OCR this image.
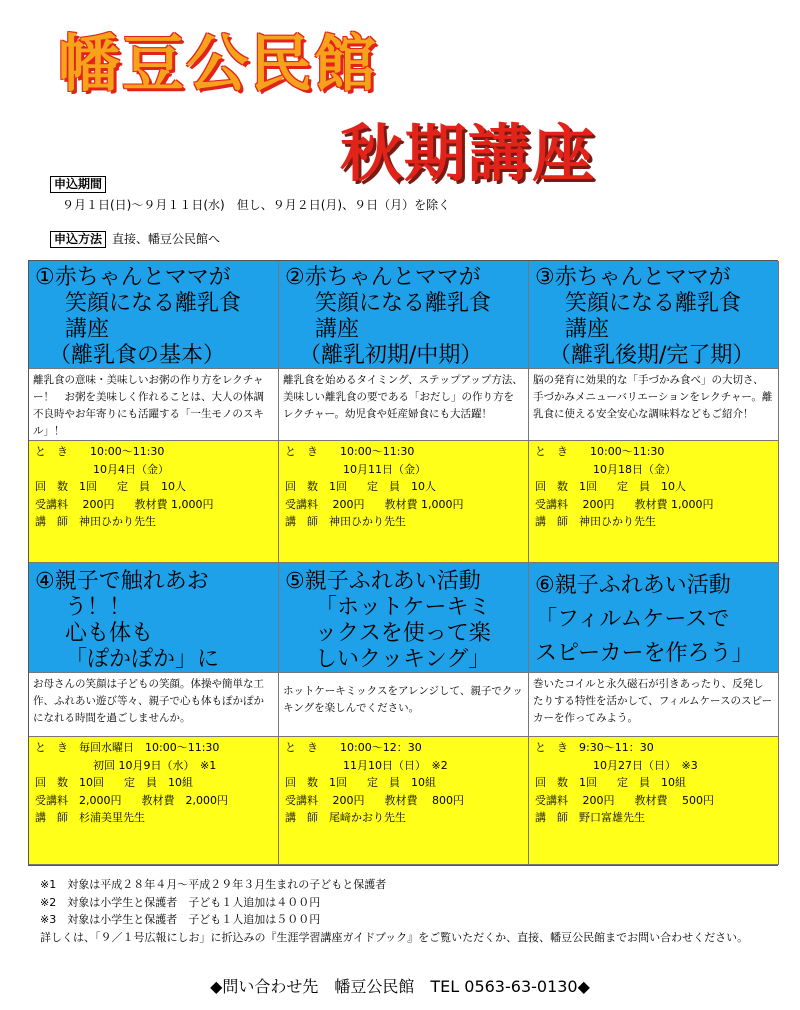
幡豆公民館
秋期講座
申込期間
９月１日(日)～９月１１日(水)　但し、９月２日(月)、９日（月）を除く
申込方法 直接、幡豆公民館へ
①赤ちゃんとママが
笑顔になる離乳食
講座
（離乳食の基本）
離乳食の意味・美味しいお粥の作り方をレクチャー！　お粥を美味しく作れることは、大人の体調不良時やお年寄りにも活躍する「一生モノのスキル」！
と　き　　10:00～11:30
10月4日（金）
回　数　1回 定　員　10人
受講料　 200円 教材費 1,000円
講　師　神田ひかり先生
②赤ちゃんとママが
笑顔になる離乳食
講座
（離乳初期/中期）
離乳食を始めるタイミング、ステップアップ方法、美味しい離乳食の要である「おだし」の作り方をレクチャー。幼児食や妊産婦食にも大活躍！
と　き　　10:00～11:30
10月11日（金）
回　数　1回 定　員　10人
受講料　 200円 教材費 1,000円
講　師　神田ひかり先生
③赤ちゃんとママが
笑顔になる離乳食
講座
（離乳後期/完了期）
脳の発育に効果的な「手づかみ食べ」の大切さ、手づかみメニューバリエーションをレクチャー。離乳食に使える安全安心な調味料などもご紹介！
と　き　　10:00～11:30
10月18日（金）
回　数　1回 定　員　10人
受講料　 200円 教材費 1,000円
講　師　神田ひかり先生
④親子で触れあお
う！！
心も体も
「ぽかぽか」に
お母さんの笑顔は子どもの笑顔。体操や簡単な工作、ふれあい遊び等々、親子で心も体もぽかぽかになれる時間を過ごしませんか。
と　き　毎回水曜日　10:00～11:30
初回 10月9日（水）　※1
回　数　10回 定　員　10組
受講料　2,000円 教材費　2,000円
講　師　杉浦美里先生
⑤親子ふれあい活動
「ホットケーキミ
ックスを使って楽
しいクッキング」
ホットケーキミックスをアレンジして、親子でクッキングを楽しんでください。
と　き　　10:00～12：30
11月10日（日）　※2
回　数　1回 定　員　10組
受講料　 200円 教材費　 800円
講　師　尾﨑かおり先生
⑥親子ふれあい活動
「フィルムケースで
スピーカーを作ろう」
巻いたコイルと永久磁石が引きあったり、反発したりする特性を活かして、フィルムケースのスピーカーを作ってみよう。
と　き　9:30～11：30
10月27日（日）　※3
回　数　1回 定　員　10組
受講料　 200円 教材費　 500円
講　師　野口富雄先生
※1　対象は平成２８年４月～平成２９年３月生まれの子どもと保護者
※2　対象は小学生と保護者　子ども１人追加は４００円
※3　対象は小学生と保護者　子ども１人追加は５００円
詳しくは、「９／１号広報にしお」に折込みの『生涯学習講座ガイドブック』をご覧いただくか、直接、幡豆公民館までお問い合わせください。
◆問い合わせ先　幡豆公民館　TEL 0563-63-0130◆
